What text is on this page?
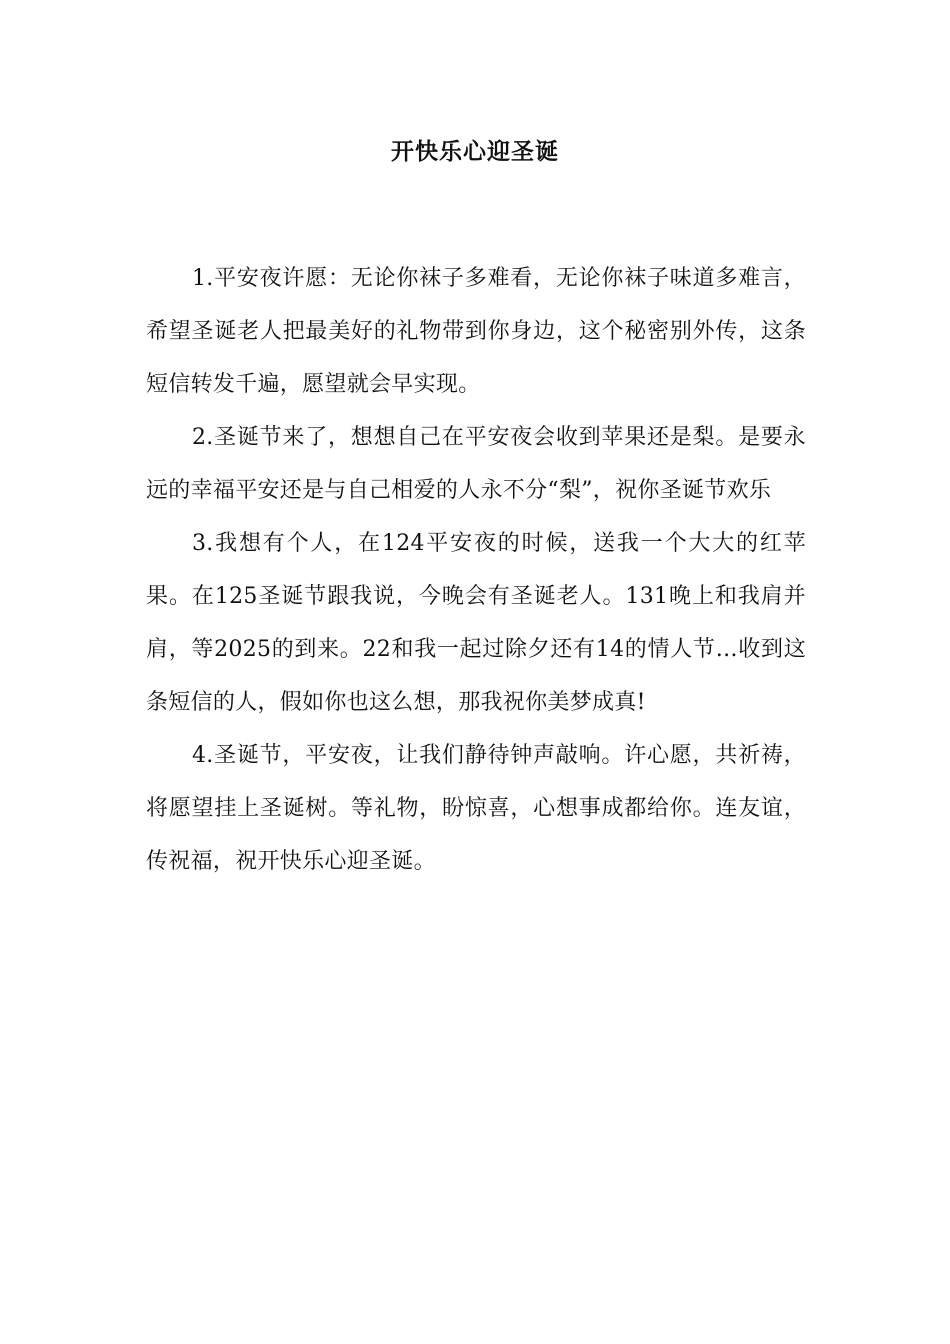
开快乐心迎圣诞

1.平安夜许愿：无论你袜子多难看，无论你袜子味道多难言，希望圣诞老人把最美好的礼物带到你身边，这个秘密别外传，这条短信转发千遍，愿望就会早实现。

2.圣诞节来了，想想自己在平安夜会收到苹果还是梨。是要永远的幸福平安还是与自己相爱的人永不分“梨”，祝你圣诞节欢乐

3.我想有个人，在124平安夜的时候，送我一个大大的红苹果。在125圣诞节跟我说，今晚会有圣诞老人。131晚上和我肩并肩，等2025的到来。22和我一起过除夕还有14的情人节…收到这条短信的人，假如你也这么想，那我祝你美梦成真!

4.圣诞节，平安夜，让我们静待钟声敲响。许心愿，共祈祷，将愿望挂上圣诞树。等礼物，盼惊喜，心想事成都给你。连友谊，传祝福，祝开快乐心迎圣诞。
